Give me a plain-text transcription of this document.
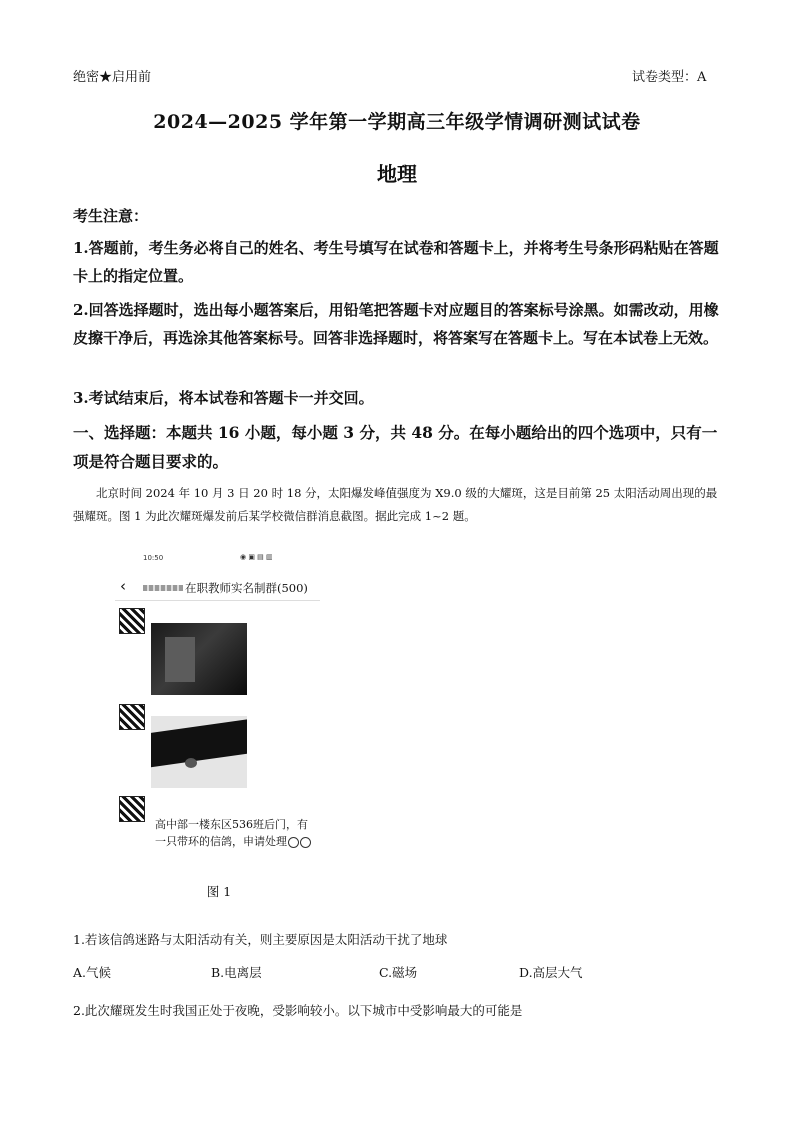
绝密★启用前	试卷类型：A
2024—2025 学年第一学期高三年级学情调研测试试卷
地理
考生注意：
1.答题前，考生务必将自己的姓名、考生号填写在试卷和答题卡上，并将考生号条形码粘贴在答题卡上的指定位置。
2.回答选择题时，选出每小题答案后，用铅笔把答题卡对应题目的答案标号涂黑。如需改动，用橡皮擦干净后，再选涂其他答案标号。回答非选择题时，将答案写在答题卡上。写在本试卷上无效。
3.考试结束后，将本试卷和答题卡一并交回。
一、选择题：本题共 16 小题，每小题 3 分，共 48 分。在每小题给出的四个选项中，只有一项是符合题目要求的。
北京时间 2024 年 10 月 3 日 20 时 18 分，太阳爆发峰值强度为 X9.0 级的大耀斑，这是目前第 25 太阳活动周出现的最强耀斑。图 1 为此次耀斑爆发前后某学校微信群消息截图。据此完成 1~2 题。
10:50	◉ ▣ ▤ ▥
‹	在职教师实名制群(500)
高中部一楼东区536班后门，有一只带环的信鸽，申请处理
图 1
1.若该信鸽迷路与太阳活动有关，则主要原因是太阳活动干扰了地球
A.气候	B.电离层	C.磁场	D.高层大气
2.此次耀斑发生时我国正处于夜晚，受影响较小。以下城市中受影响最大的可能是
